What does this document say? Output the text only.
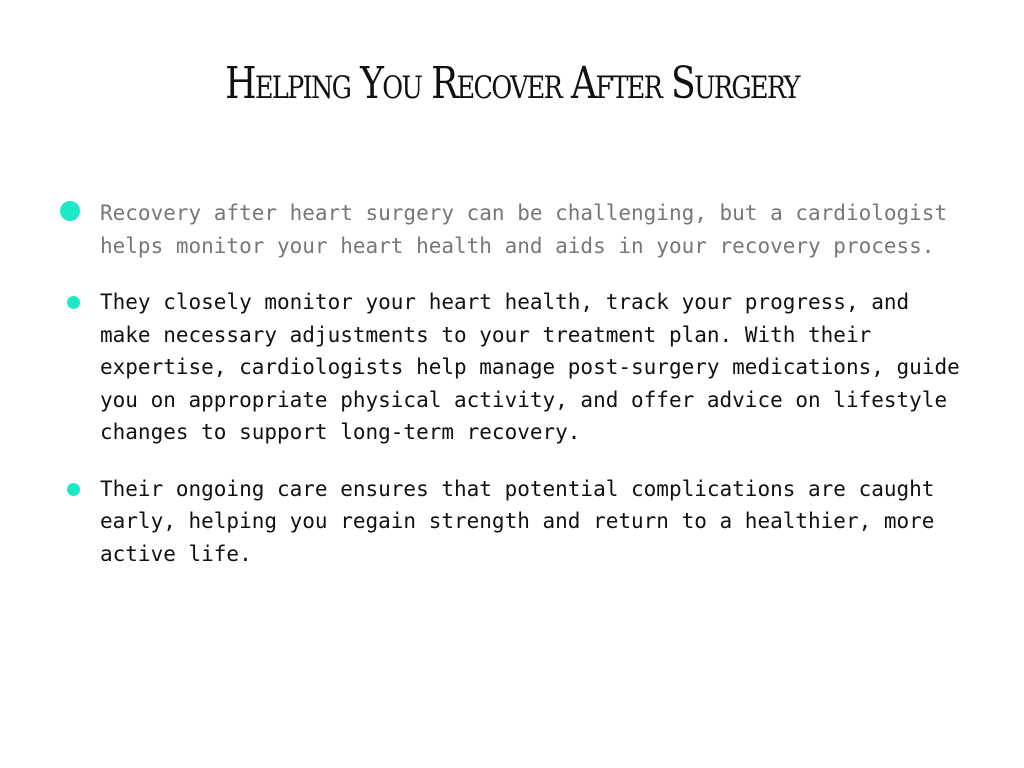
Helping You Recover After Surgery
Recovery after heart surgery can be challenging, but a cardiologist helps monitor your heart health and aids in your recovery process.
They closely monitor your heart health, track your progress, and make necessary adjustments to your treatment plan. With their expertise, cardiologists help manage post-surgery medications, guide you on appropriate physical activity, and offer advice on lifestyle changes to support long-term recovery.
Their ongoing care ensures that potential complications are caught early, helping you regain strength and return to a healthier, more active life.
